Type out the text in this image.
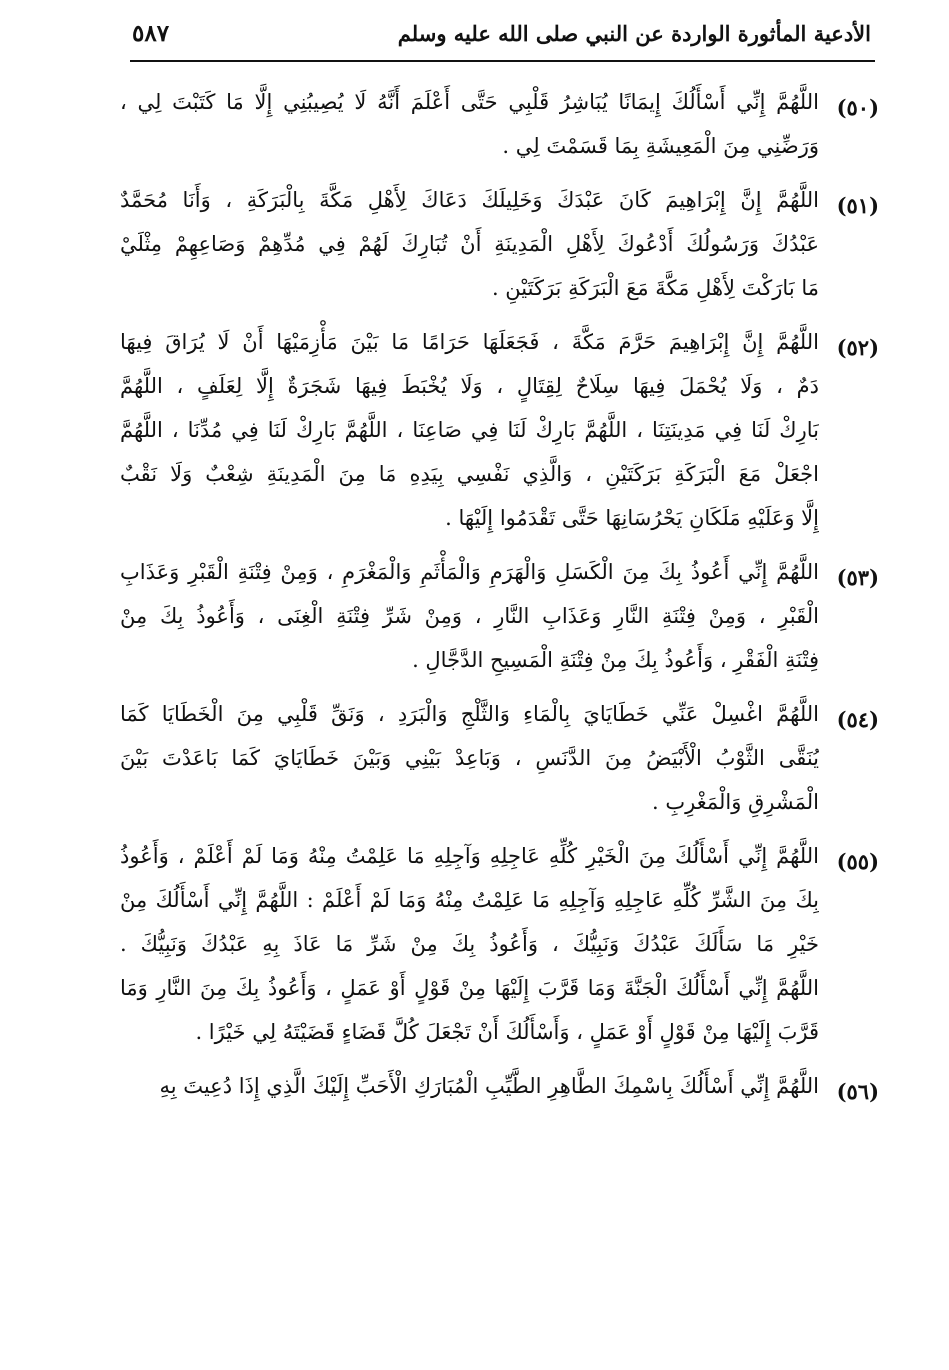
الأدعية المأثورة الواردة عن النبي صلى الله عليه وسلم
٥٨٧
(٥٠)
اللَّهُمَّ إِنِّي أَسْأَلُكَ إِيمَانًا يُبَاشِرُ قَلْبِي حَتَّى أَعْلَمَ أَنَّهُ لَا يُصِيبُنِي إِلَّا مَا كَتَبْتَ لِي ،
وَرَضِّنِي مِنَ الْمَعِيشَةِ بِمَا قَسَمْتَ لِي .
(٥١)
اللَّهُمَّ إِنَّ إِبْرَاهِيمَ كَانَ عَبْدَكَ وَخَلِيلَكَ دَعَاكَ لِأَهْلِ مَكَّةَ بِالْبَرَكَةِ ، وَأَنَا مُحَمَّدٌ
عَبْدُكَ وَرَسُولُكَ أَدْعُوكَ لِأَهْلِ الْمَدِينَةِ أَنْ تُبَارِكَ لَهُمْ فِي مُدِّهِمْ وَصَاعِهِمْ مِثْلَيْ
مَا بَارَكْتَ لِأَهْلِ مَكَّةَ مَعَ الْبَرَكَةِ بَرَكَتَيْنِ .
(٥٢)
اللَّهُمَّ إِنَّ إِبْرَاهِيمَ حَرَّمَ مَكَّةَ ، فَجَعَلَهَا حَرَامًا مَا بَيْنَ مَأْزِمَيْهَا أَنْ لَا يُرَاقَ فِيهَا
دَمٌ ، وَلَا يُحْمَلَ فِيهَا سِلَاحٌ لِقِتَالٍ ، وَلَا يُخْبَطَ فِيهَا شَجَرَةٌ إِلَّا لِعَلَفٍ ، اللَّهُمَّ
بَارِكْ لَنَا فِي مَدِينَتِنَا ، اللَّهُمَّ بَارِكْ لَنَا فِي صَاعِنَا ، اللَّهُمَّ بَارِكْ لَنَا فِي مُدِّنَا ، اللَّهُمَّ
اجْعَلْ مَعَ الْبَرَكَةِ بَرَكَتَيْنِ ، وَالَّذِي نَفْسِي بِيَدِهِ مَا مِنَ الْمَدِينَةِ شِعْبٌ وَلَا نَقْبٌ
إِلَّا وَعَلَيْهِ مَلَكَانِ يَحْرُسَانِهَا حَتَّى تَقْدَمُوا إِلَيْهَا .
(٥٣)
اللَّهُمَّ إِنِّي أَعُوذُ بِكَ مِنَ الْكَسَلِ وَالْهَرَمِ وَالْمَأْثَمِ وَالْمَغْرَمِ ، وَمِنْ فِتْنَةِ الْقَبْرِ وَعَذَابِ
الْقَبْرِ ، وَمِنْ فِتْنَةِ النَّارِ وَعَذَابِ النَّارِ ، وَمِنْ شَرِّ فِتْنَةِ الْغِنَى ، وَأَعُوذُ بِكَ مِنْ
فِتْنَةِ الْفَقْرِ ، وَأَعُوذُ بِكَ مِنْ فِتْنَةِ الْمَسِيحِ الدَّجَّالِ .
(٥٤)
اللَّهُمَّ اغْسِلْ عَنِّي خَطَايَايَ بِالْمَاءِ وَالثَّلْجِ وَالْبَرَدِ ، وَنَقِّ قَلْبِي مِنَ الْخَطَايَا كَمَا
يُنَقَّى الثَّوْبُ الْأَبْيَضُ مِنَ الدَّنَسِ ، وَبَاعِدْ بَيْنِي وَبَيْنَ خَطَايَايَ كَمَا بَاعَدْتَ بَيْنَ
الْمَشْرِقِ وَالْمَغْرِبِ .
(٥٥)
اللَّهُمَّ إِنِّي أَسْأَلُكَ مِنَ الْخَيْرِ كُلِّهِ عَاجِلِهِ وَآجِلِهِ مَا عَلِمْتُ مِنْهُ وَمَا لَمْ أَعْلَمْ ، وَأَعُوذُ
بِكَ مِنَ الشَّرِّ كُلِّهِ عَاجِلِهِ وَآجِلِهِ مَا عَلِمْتُ مِنْهُ وَمَا لَمْ أَعْلَمْ : اللَّهُمَّ إِنِّي أَسْأَلُكَ مِنْ
خَيْرِ مَا سَأَلَكَ عَبْدُكَ وَنَبِيُّكَ ، وَأَعُوذُ بِكَ مِنْ شَرِّ مَا عَاذَ بِهِ عَبْدُكَ وَنَبِيُّكَ .
اللَّهُمَّ إِنِّي أَسْأَلُكَ الْجَنَّةَ وَمَا قَرَّبَ إِلَيْهَا مِنْ قَوْلٍ أَوْ عَمَلٍ ، وَأَعُوذُ بِكَ مِنَ النَّارِ وَمَا
قَرَّبَ إِلَيْهَا مِنْ قَوْلٍ أَوْ عَمَلٍ ، وَأَسْأَلُكَ أَنْ تَجْعَلَ كُلَّ قَضَاءٍ قَضَيْتَهُ لِي خَيْرًا .
(٥٦)
اللَّهُمَّ إِنِّي أَسْأَلُكَ بِاسْمِكَ الطَّاهِرِ الطَّيِّبِ الْمُبَارَكِ الْأَحَبِّ إِلَيْكَ الَّذِي إِذَا دُعِيتَ بِهِ
